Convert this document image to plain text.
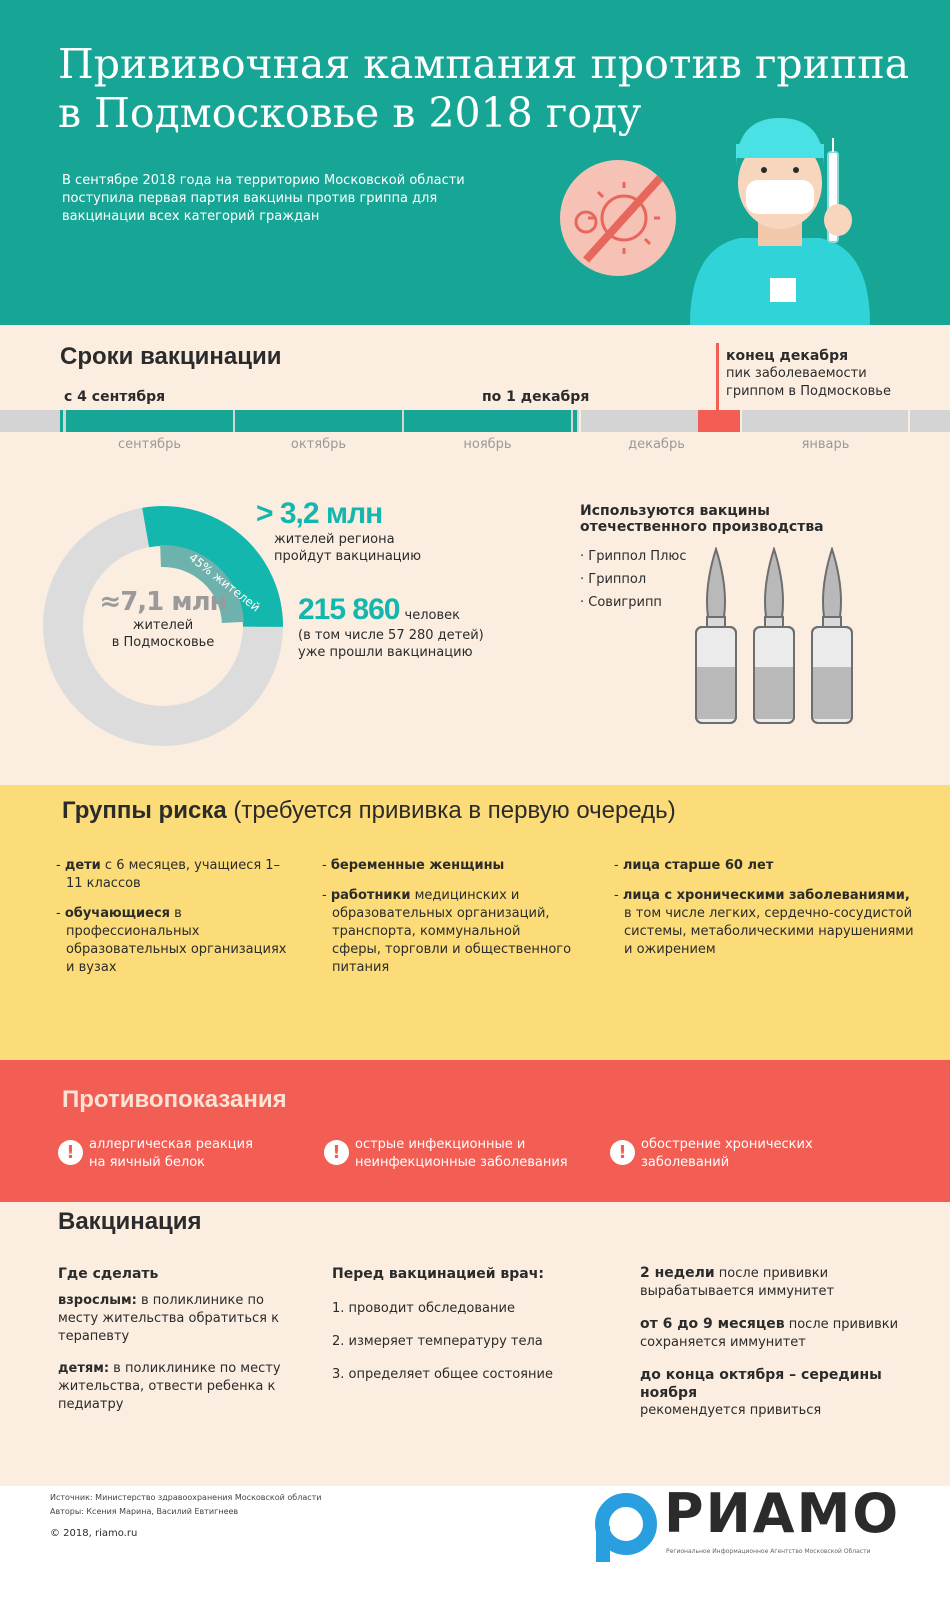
Прививочная кампания против гриппа
в Подмосковье в 2018 году
В сентябре 2018 года на территорию Московской области поступила первая партия вакцины против гриппа для вакцинации всех категорий граждан
Сроки вакцинации
с 4 сентября	по 1 декабря
конец декабря
пик заболеваемости
гриппом в Подмосковье
сентябрь	октябрь	ноябрь	декабрь	январь
45% жителей
≈7,1 млн
жителей
в Подмосковье
> 3,2 млн
жителей региона
пройдут вакцинацию
215 860 человек
(в том числе 57 280 детей)
уже прошли вакцинацию
Используются вакцины
отечественного производства
· Гриппол Плюс
· Гриппол
· Совигрипп
Группы риска (требуется прививка в первую очередь)
- дети с 6 месяцев, учащиеся 1–11 классов
- обучающиеся в профессиональных образовательных организациях и вузах
- беременные женщины
- работники медицинских и образовательных организаций, транспорта, коммунальной сферы, торговли и общественного питания
- лица старше 60 лет
- лица с хроническими заболеваниями, в том числе легких, сердечно-сосудистой системы, метаболическими нарушениями и ожирением
Противопоказания
!	аллергическая реакция
на яичный белок	!	острые инфекционные и
неинфекционные заболевания	!	обострение хронических
заболеваний
Вакцинация
Где сделать
взрослым: в поликлинике по месту жительства обратиться к терапевту
детям: в поликлинике по месту жительства, отвести ребенка к педиатру
Перед вакцинацией врач:
1. проводит обследование
2. измеряет температуру тела
3. определяет общее состояние
2 недели после прививки вырабатывается иммунитет
от 6 до 9 месяцев после прививки сохраняется иммунитет
до конца октября – середины ноября
рекомендуется привиться
Источник: Министерство здравоохранения Московской области
Авторы: Ксения Марина, Василий Евтигнеев
© 2018, riamo.ru	РИАМО
Региональное Информационное Агентство Московской Области
